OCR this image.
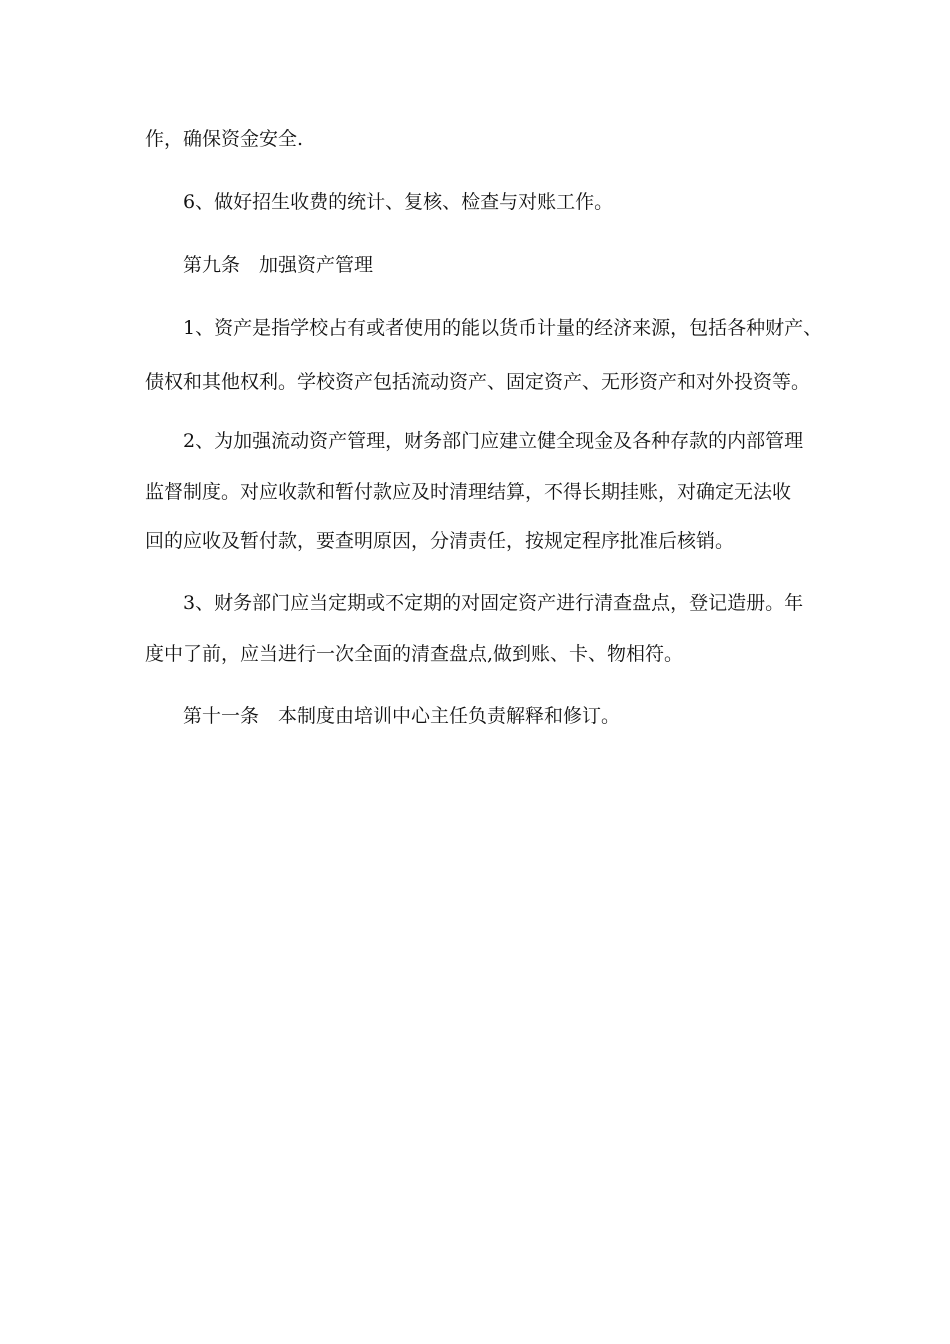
作，确保资金安全.

6、做好招生收费的统计、复核、检查与对账工作。

第九条　加强资产管理

1、资产是指学校占有或者使用的能以货币计量的经济来源，包括各种财产、

债权和其他权利。学校资产包括流动资产、固定资产、无形资产和对外投资等。

2、为加强流动资产管理，财务部门应建立健全现金及各种存款的内部管理

监督制度。对应收款和暂付款应及时清理结算，不得长期挂账，对确定无法收

回的应收及暂付款，要查明原因，分清责任，按规定程序批准后核销。

3、财务部门应当定期或不定期的对固定资产进行清查盘点，登记造册。年

度中了前，应当进行一次全面的清查盘点,做到账、卡、物相符。

第十一条　本制度由培训中心主任负责解释和修订。
